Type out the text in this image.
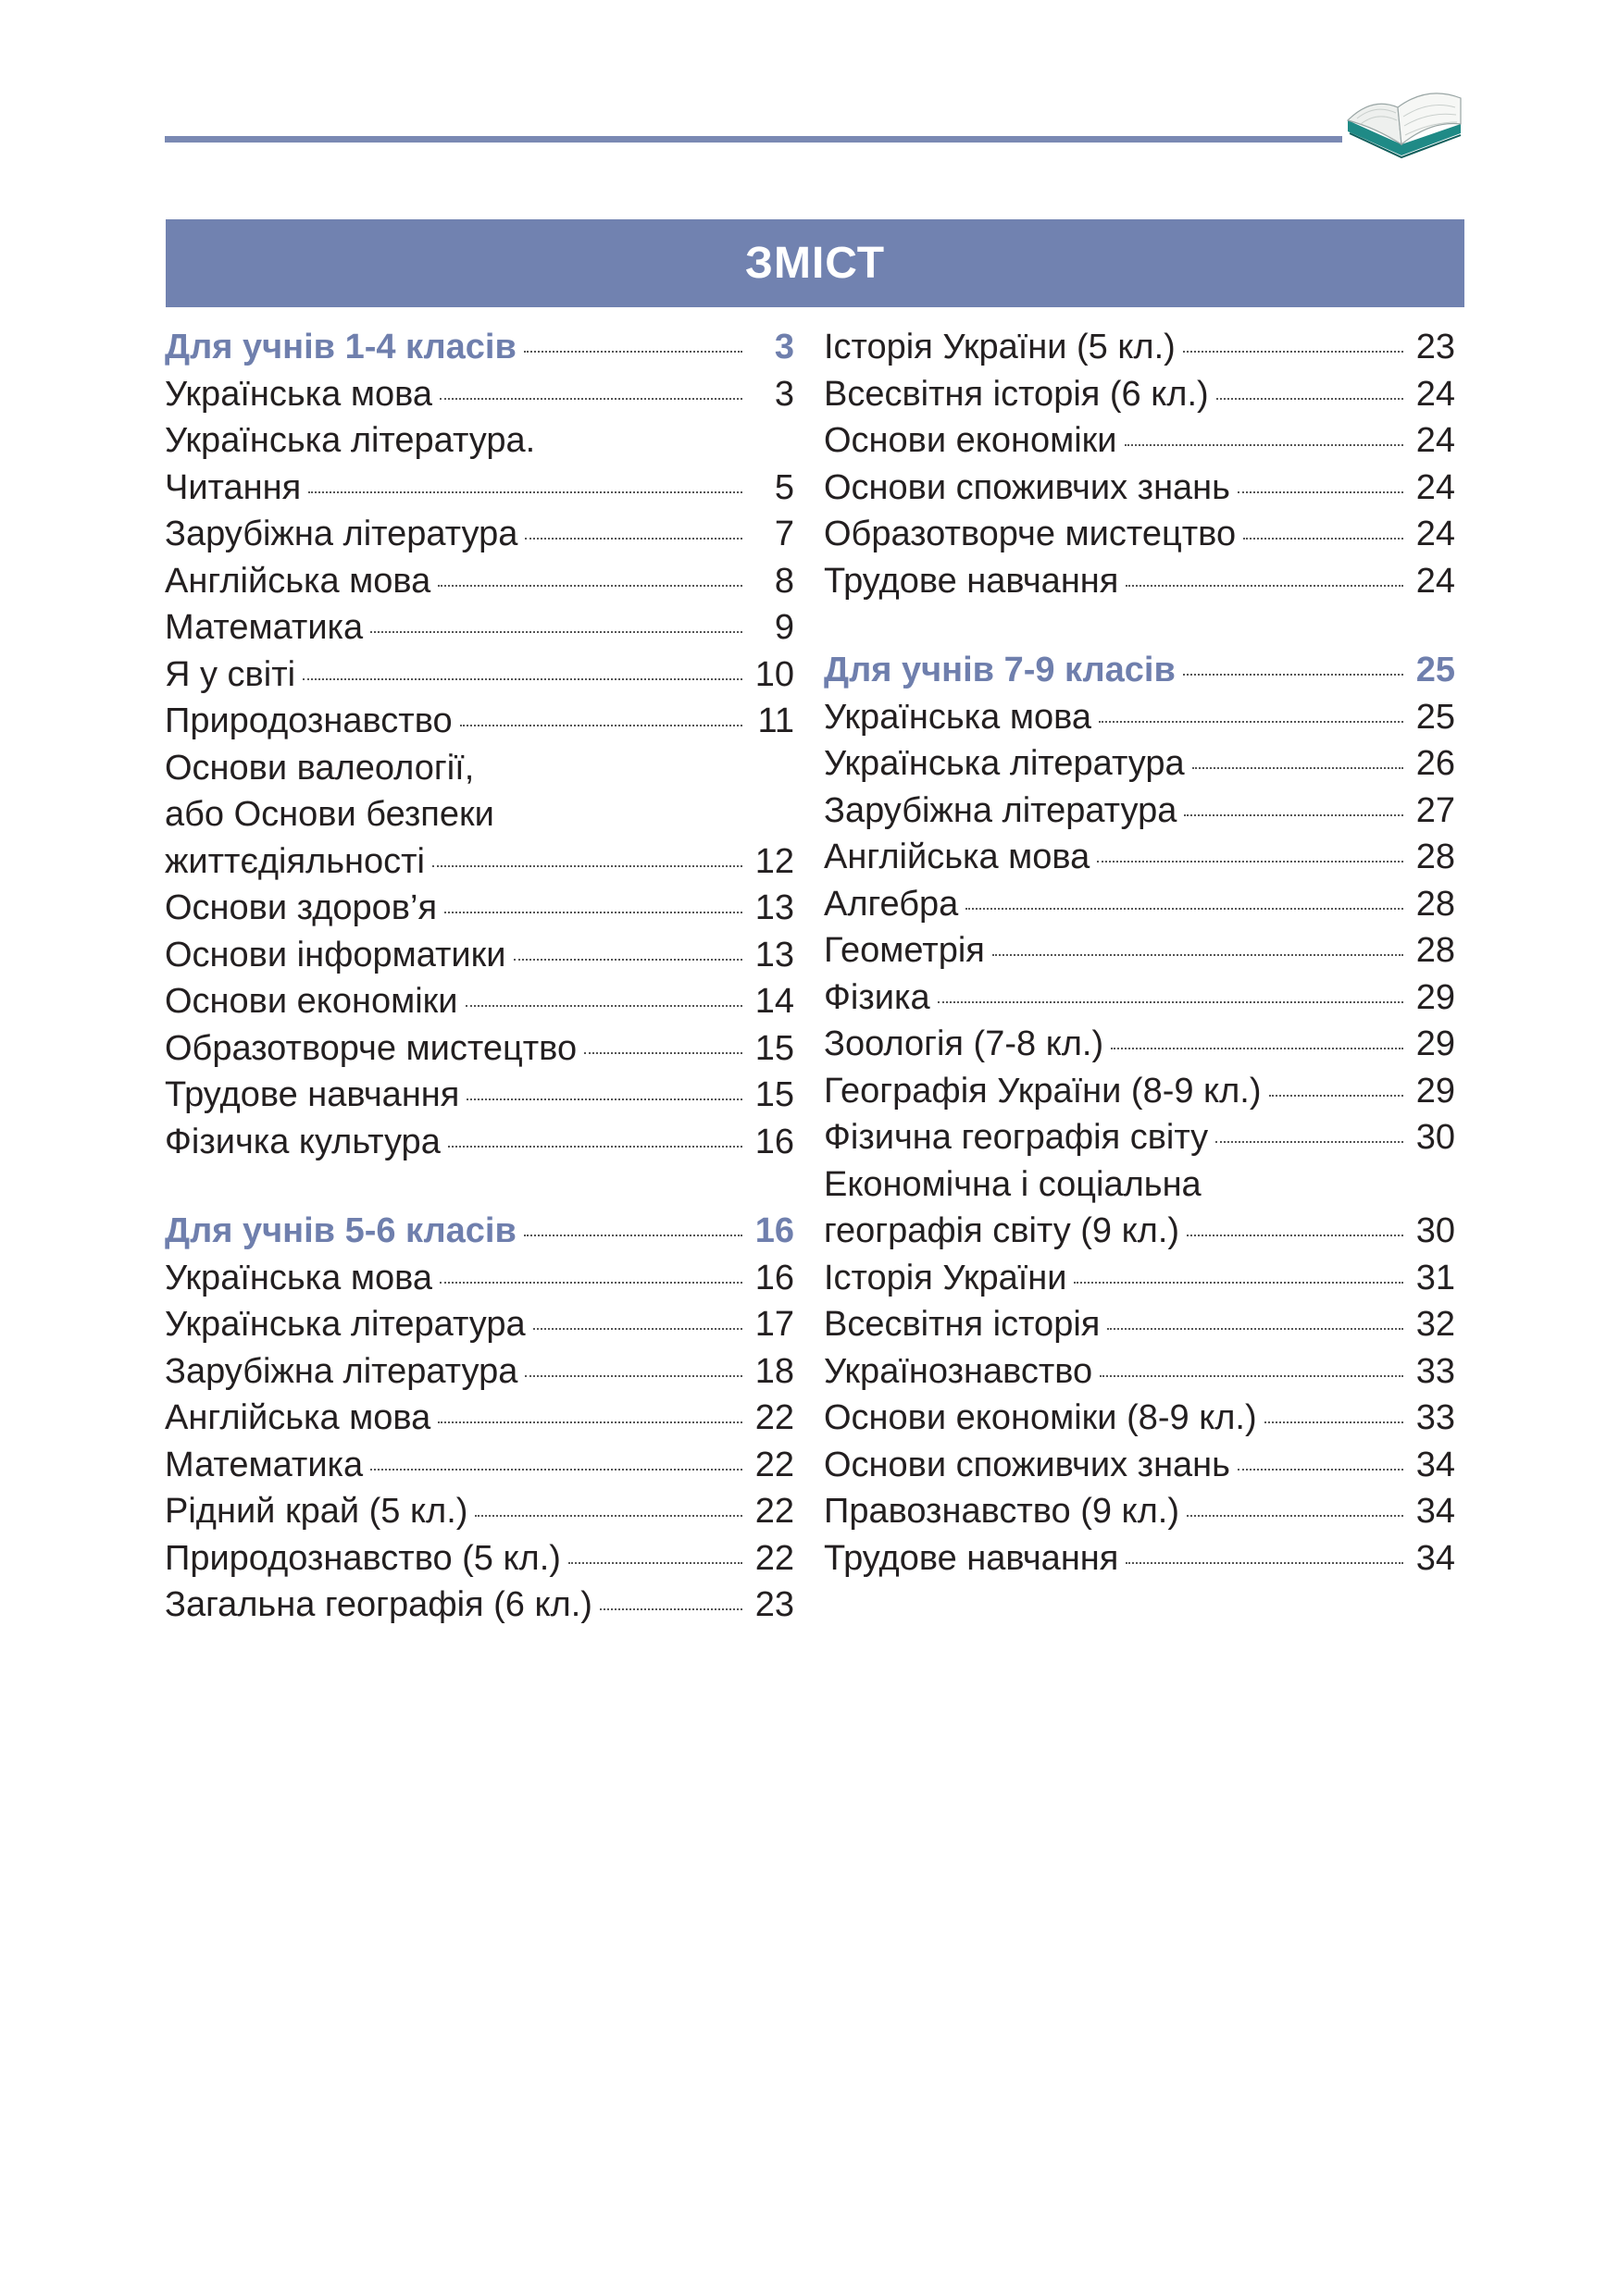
ЗМІСТ
Для учнів 1-4 класів	3
Українська мова	3
Українська література.
Читання	5
Зарубіжна література	7
Англійська мова	8
Математика	9
Я у світі	10
Природознавство	11
Основи валеології,
або Основи безпеки
життєдіяльності	12
Основи здоров’я	13
Основи інформатики	13
Основи економіки	14
Образотворче мистецтво	15
Трудове навчання	15
Фізичка культура	16
Для учнів 5-6 класів	16
Українська мова	16
Українська література	17
Зарубіжна література	18
Англійська мова	22
Математика	22
Рідний край (5 кл.)	22
Природознавство (5 кл.)	22
Загальна географія (6 кл.)	23
Історія України (5 кл.)	23
Всесвітня історія (6 кл.)	24
Основи економіки	24
Основи споживчих знань	24
Образотворче мистецтво	24
Трудове навчання	24
Для учнів 7-9 класів	25
Українська мова	25
Українська література	26
Зарубіжна література	27
Англійська мова	28
Алгебра	28
Геометрія	28
Фізика	29
Зоологія (7-8 кл.)	29
Географія України (8-9 кл.)	29
Фізична географія світу	30
Економічна і соціальна
географія світу (9 кл.)	30
Історія України	31
Всесвітня історія	32
Українознавство	33
Основи економіки (8-9 кл.)	33
Основи споживчих знань	34
Правознавство (9 кл.)	34
Трудове навчання	34
